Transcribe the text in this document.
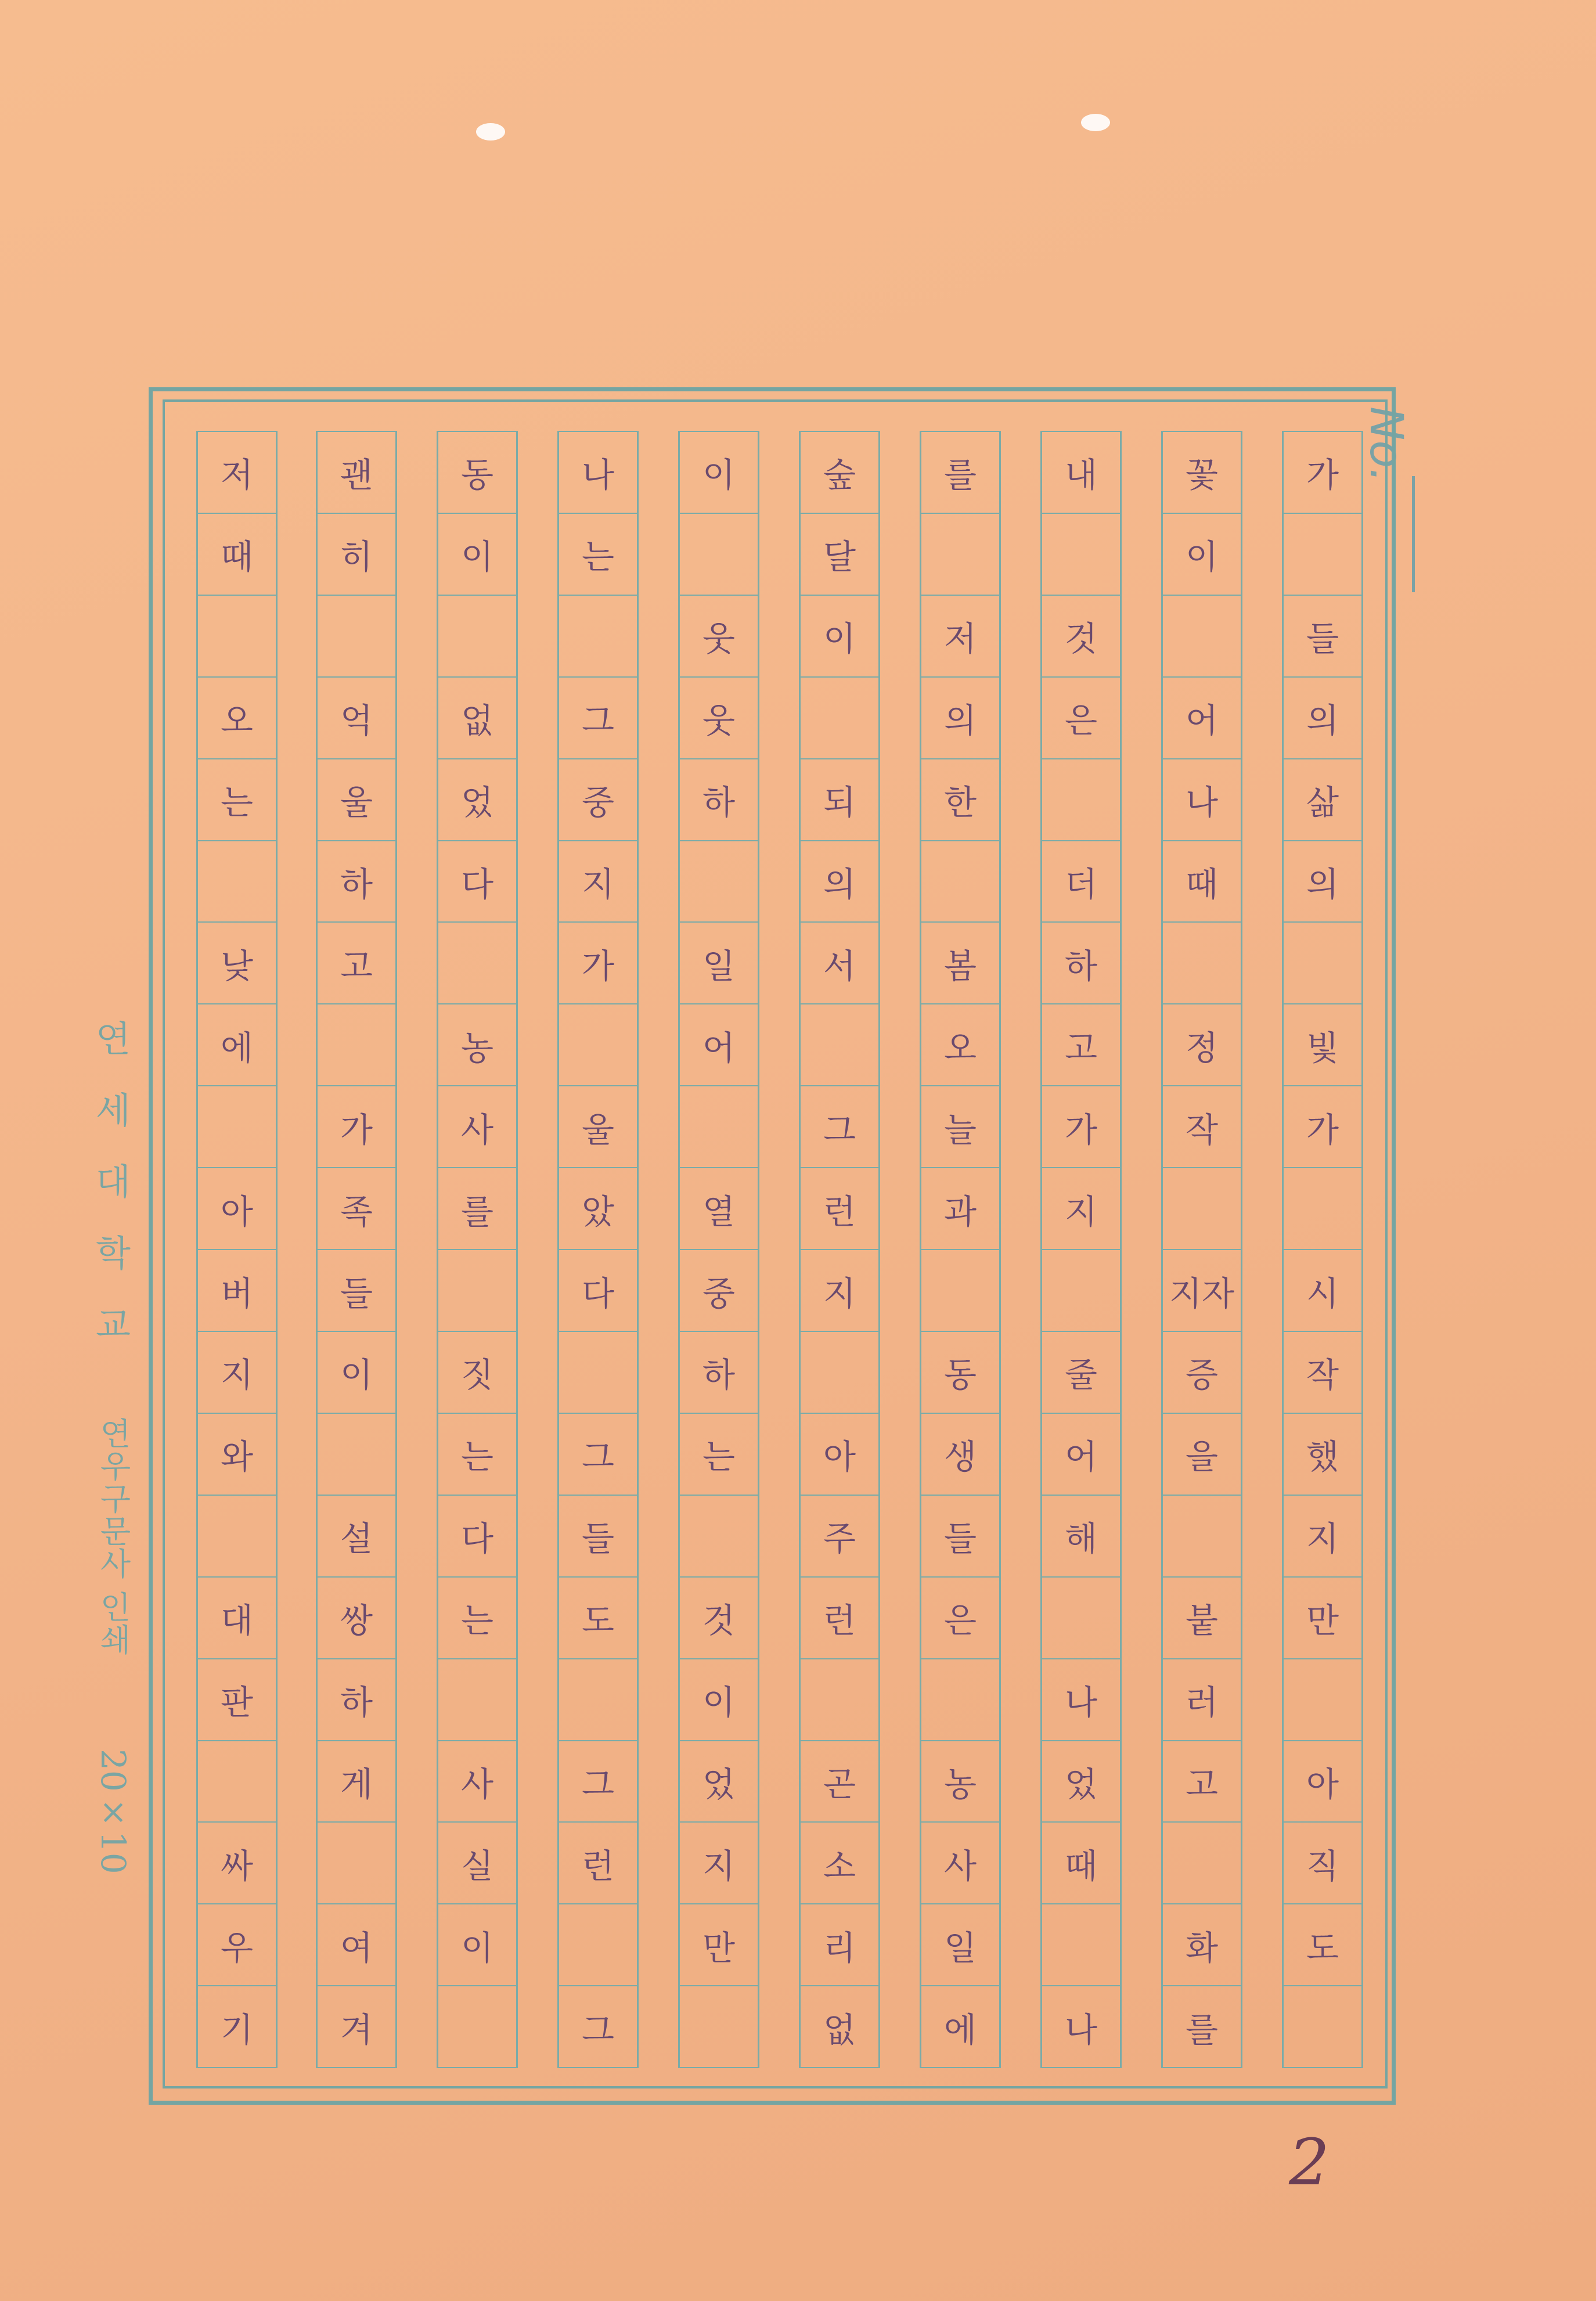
No.
가
들
의
삶
의
빛
가
시
작
했
지
만
아
직
도
꽃
이
어
나
때
정
작
지자
증
을
붙
러
고
화
를
내
것
은
더
하
고
가
지
줄
어
해
나
었
때
나
를
저
의
한
봄
오
늘
과
동
생
들
은
농
사
일
에
숲
달
이
되
의
서
그
런
지
아
주
런
곤
소
리
없
이
웃
웃
하
일
어
열
중
하
는
것
이
었
지
만
나
는
그
중
지
가
울
았
다
그
들
도
그
런
그
동
이
없
었
다
농
사
를
짓
는
다
는
사
실
이
괜
히
억
울
하
고
가
족
들
이
설
쌍
하
게
여
겨
저
때
오
는
낮
에
아
버
지
와
대
판
싸
우
기
연
세
대
학
교
연우구문사 인쇄
20×10
2
